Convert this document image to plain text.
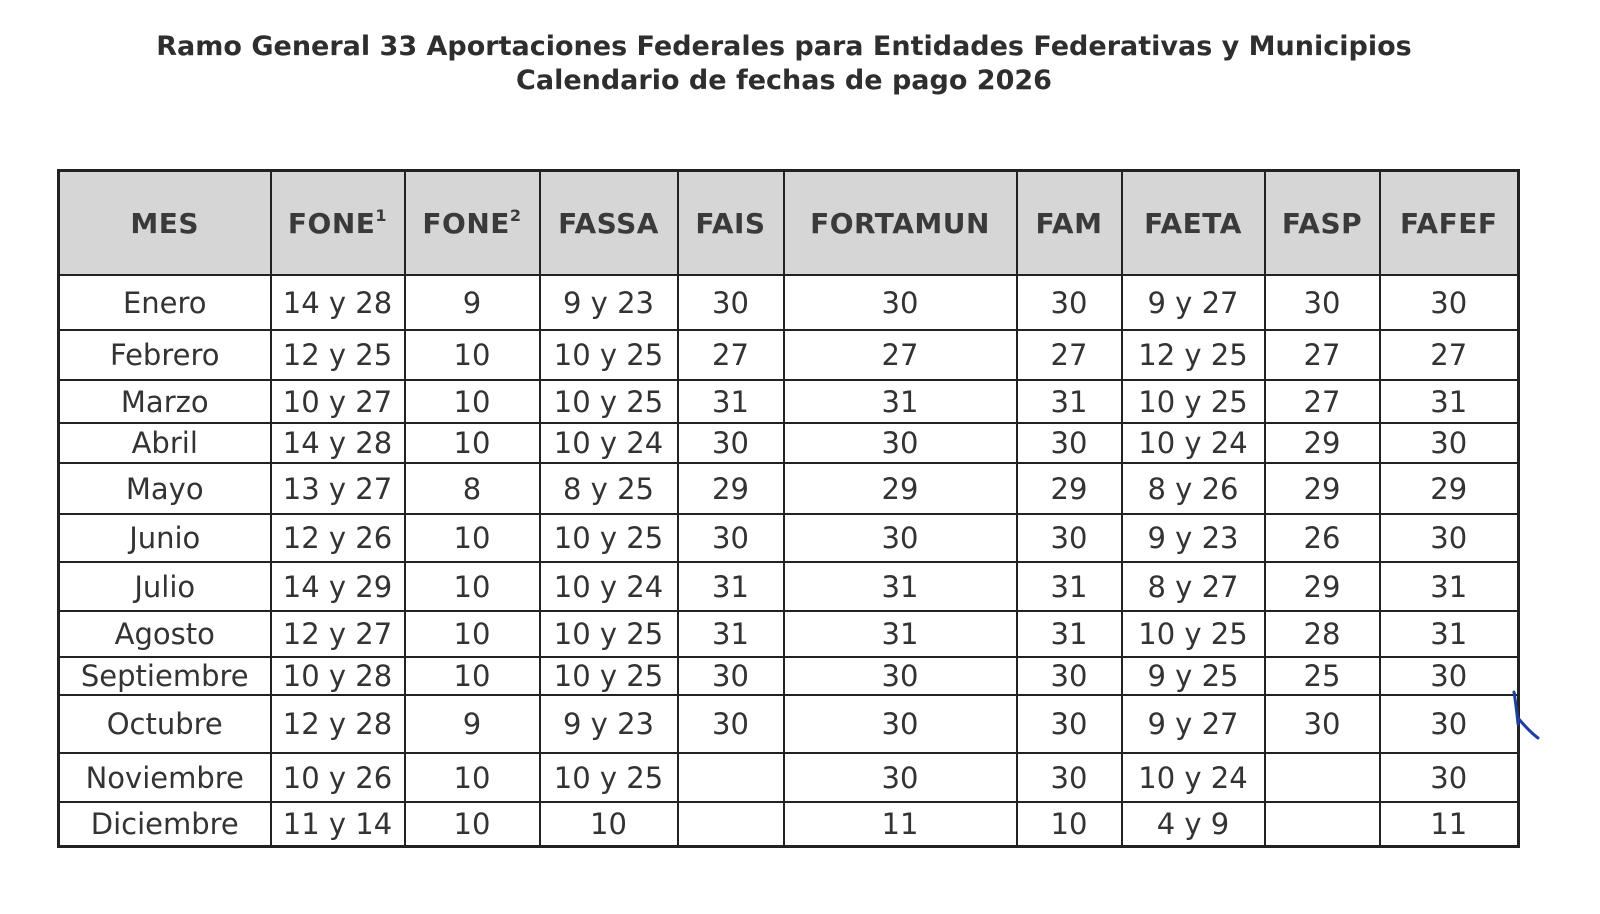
Ramo General 33 Aportaciones Federales para Entidades Federativas y Municipios
Calendario de fechas de pago 2026
MES	FONE$^1$	FONE$^2$	FASSA	FAIS	FORTAMUN	FAM	FAETA	FASP	FAFEF
Enero	14 y 28	9	9 y 23	30	30	30	9 y 27	30	30
Febrero	12 y 25	10	10 y 25	27	27	27	12 y 25	27	27
Marzo	10 y 27	10	10 y 25	31	31	31	10 y 25	27	31
Abril	14 y 28	10	10 y 24	30	30	30	10 y 24	29	30
Mayo	13 y 27	8	8 y 25	29	29	29	8 y 26	29	29
Junio	12 y 26	10	10 y 25	30	30	30	9 y 23	26	30
Julio	14 y 29	10	10 y 24	31	31	31	8 y 27	29	31
Agosto	12 y 27	10	10 y 25	31	31	31	10 y 25	28	31
Septiembre	10 y 28	10	10 y 25	30	30	30	9 y 25	25	30
Octubre	12 y 28	9	9 y 23	30	30	30	9 y 27	30	30
Noviembre	10 y 26	10	10 y 25		30	30	10 y 24		30
Diciembre	11 y 14	10	10		11	10	4 y 9		11
